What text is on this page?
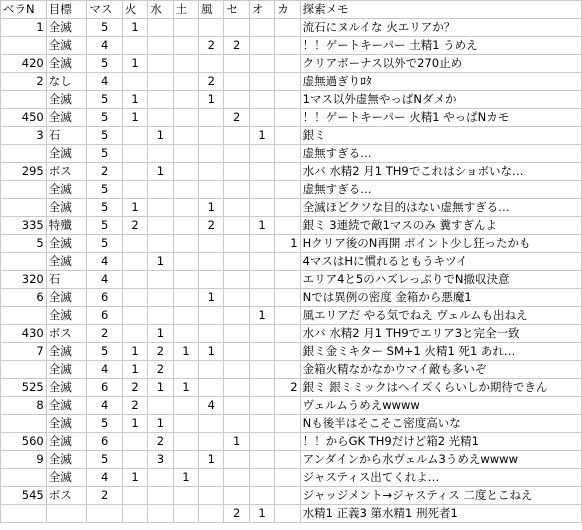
ベラN	目標	マス	火	水	土	風	セ	オ	カ	探索メモ
1	全滅	5	1							流石にヌルイな 火エリアか？
	全滅	4				2	2			！！ゲートキーパー 土精1 うめえ
420	全滅	5	1							クリアボーナス以外で270止め
2	なし	4				2				虚無過ぎりﾛﾀ
	全滅	5	1			1				1マス以外虚無やっぱNダメか
450	全滅	5	1				2			！！ゲートキーパー 火精1 やっぱNカモ
3	石	5		1				1		銀ミ
	全滅	5								虚無すぎる…
295	ボス	2		1						水バ 水精2 月1 TH9でこれはショボいな…
	全滅	5								虚無すぎる…
	全滅	5	1			1				全滅ほどクソな目的はない虚無すぎる…
335	特殲	5	2			2		1		銀ミ 3連続で敵1マスのみ 糞すぎんよ
5	全滅	5							1	Hクリア後のN再開 ポイント少し狂ったかも
	全滅	4		1						4マスはHに慣れるともうキツイ
320	石	4								エリア4と5のハズレっぷりでN撤収決意
6	全滅	6				1				Nでは異例の密度 金箱から悪魔1
	全滅	6						1		風エリアだ やる気でねえ ヴェルムも出ねえ
430	ボス	2		1						水バ 水精2 月1 TH9でエリア3と完全一致
7	全滅	5	1	2	1	1				銀ミ金ミキター SM+1 火精1 死1 あれ…
	全滅	4	1	2						金箱火精なかなかウマイ敵も多いぞ
525	全滅	6	2	1	1				2	銀ミ 銀ミミックはヘイズくらいしか期待できん
8	全滅	4	2			4				ヴェルムうめえwwww
	全滅	5	1	1						Nも後半はそこそこ密度高いな
560	全滅	6		2			1			！！からGK TH9だけど箱2 光精1
9	全滅	5		3		1				アンダインから水ヴェルム3うめえwwww
	全滅	4	1		1					ジャスティス出てくれよ…
545	ボス	2								ジャッジメント→ジャスティス 二度とこねえ
							2	1		水精1 正義3 第水精1 刑死者1
